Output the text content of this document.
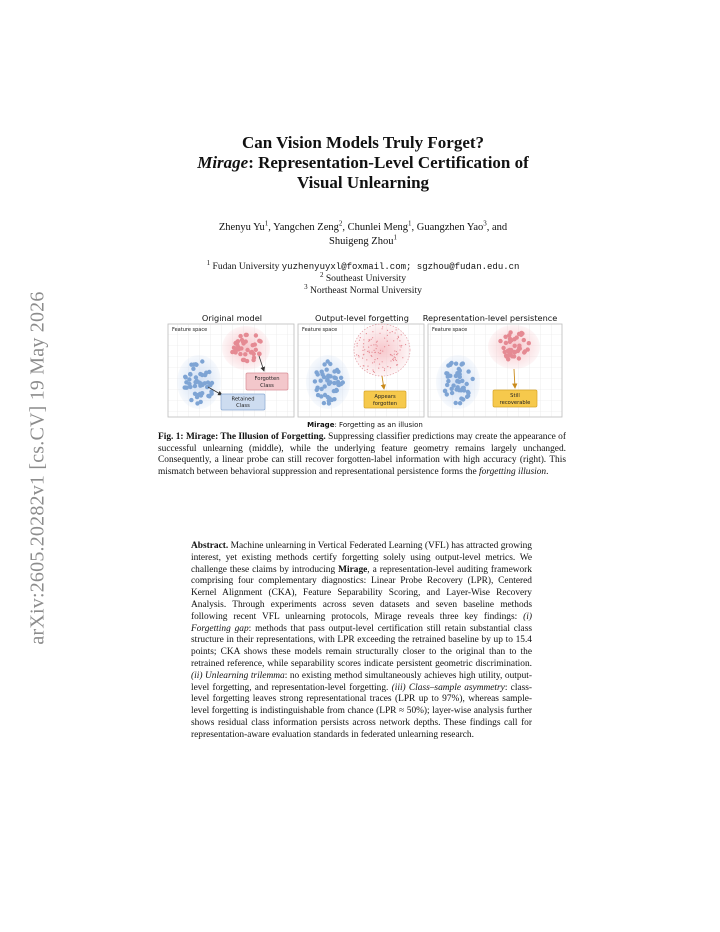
arXiv:2605.20282v1 [cs.CV] 19 May 2026
Can Vision Models Truly Forget?
Mirage: Representation-Level Certification of
Visual Unlearning
Zhenyu Yu$^1$, Yangchen Zeng$^2$, Chunlei Meng$^1$, Guangzhen Yao$^3$, and
Shuigeng Zhou$^1$
$^1$ Fudan University yuzhenyuyxl@foxmail.com; sgzhou@fudan.edu.cn
$^2$ Southeast University
$^3$ Northeast Normal University
Original model	Output-level forgetting Representation-level persistence
Feature space	Feature space	Feature space
Forgotten
Class
Retained
Class
Appears
forgotten
Still
recoverable
Mirage: Forgetting as an illusion
Fig. 1: Mirage: The Illusion of Forgetting. Suppressing classifier predictions may create the appearance of successful unlearning (middle), while the underlying feature geometry remains largely unchanged. Consequently, a linear probe can still recover forgotten-label information with high accuracy (right). This mismatch between behavioral suppression and representational persistence forms the forgetting illusion.
Abstract. Machine unlearning in Vertical Federated Learning (VFL) has attracted growing interest, yet existing methods certify forgetting solely using output-level metrics. We challenge these claims by introducing Mirage, a representation-level auditing framework comprising four complementary diagnostics: Linear Probe Recovery (LPR), Centered Kernel Alignment (CKA), Feature Separability Scoring, and Layer-Wise Recovery Analysis. Through experiments across seven datasets and seven baseline methods following recent VFL unlearning protocols, Mirage reveals three key findings: (i) Forgetting gap: methods that pass output-level certification still retain substantial class structure in their representations, with LPR exceeding the retrained baseline by up to 15.4 points; CKA shows these models remain structurally closer to the original than to the retrained reference, while separability scores indicate persistent geometric discrimination. (ii) Unlearning trilemma: no existing method simultaneously achieves high utility, output-level forgetting, and representation-level forgetting. (iii) Class–sample asymmetry: class-level forgetting leaves strong representational traces (LPR up to 97%), whereas sample-level forgetting is indistinguishable from chance (LPR ≈ 50%); layer-wise analysis further shows residual class information persists across network depths. These findings call for representation-aware evaluation standards in federated unlearning research.
